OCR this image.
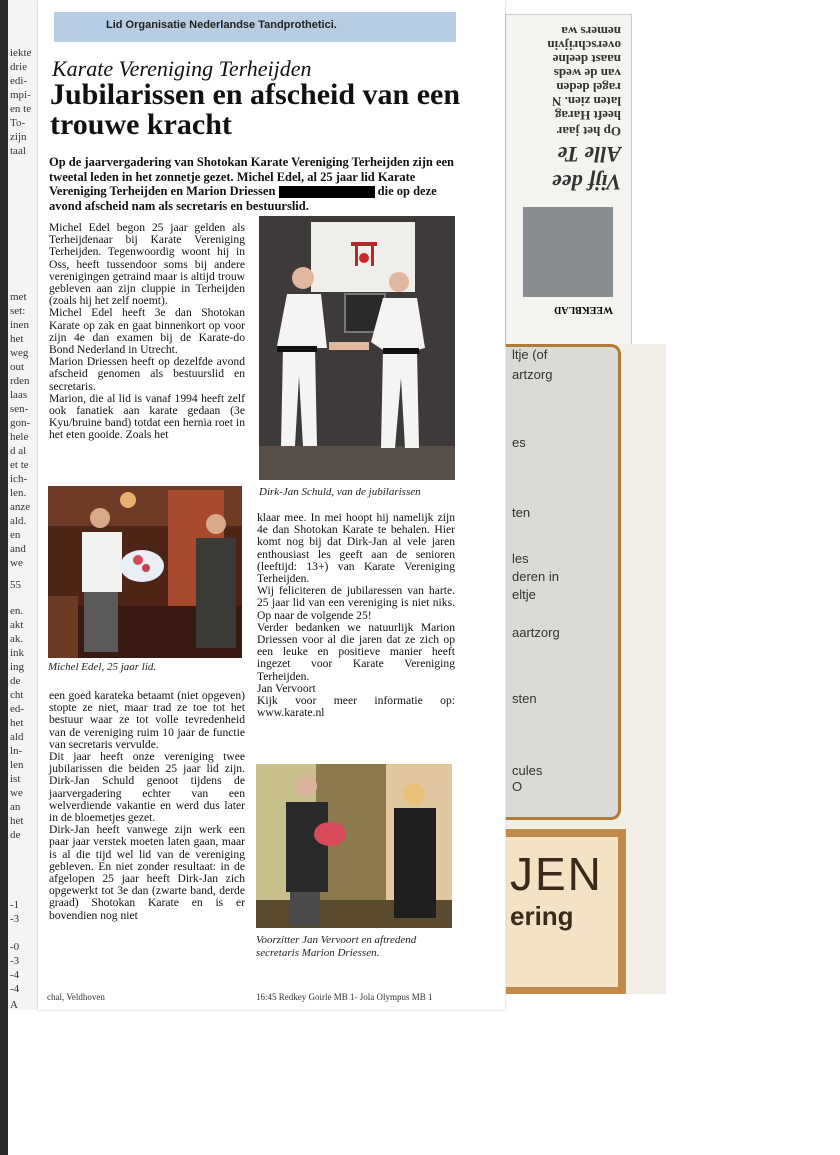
nemers wa
overschrijvin
naast deelne
van de weds
ragel deden
laten zien. N
heeft Harag
Op het jaar
Alle Te
Vijf dee
WEEKBLAD
ltje (of
artzorg
es
ten
les
deren in
eltje
aartzorg
sten
cules
O
JEN
ering
iekte
drie
edi-
mpi-
en te
To-
zijn
taal
met
set:
inen
het
weg
out
rden
laas
sen-
gon-
hele
d al
et te
ich-
len.
anze
ald.
en
and
we
55
en.
akt
ak.
ink
ing
de
cht
ed-
het
ald
ln-
len
ist
we
an
het
de
-1
-3
-0
-3
-4
-4
A
Lid Organisatie Nederlandse Tandprothetici.
Karate Vereniging Terheijden
Jubilarissen en afscheid van een trouwe kracht
Op de jaarvergadering van Shotokan Karate Vereniging Terheijden zijn een tweetal leden in het zonnetje gezet. Michel Edel, al 25 jaar lid Karate Vereniging Terheijden en Marion Driessen	die op deze avond afscheid nam als secretaris en bestuurslid.

Michel Edel begon 25 jaar gelden als Terheijdenaar bij Karate Vereniging Terheijden. Tegenwoordig woont hij in Oss, heeft tussendoor soms bij andere verenigingen getraind maar is altijd trouw gebleven aan zijn cluppie in Terheijden (zoals hij het zelf noemt).

Michel Edel heeft 3e dan Shotokan Karate op zak en gaat binnenkort op voor zijn 4e dan examen bij de Karate-do Bond Nederland in Utrecht.

Marion Driessen heeft op dezelfde avond afscheid genomen als bestuurslid en secretaris.

Marion, die al lid is vanaf 1994 heeft zelf ook fanatiek aan karate gedaan (3e Kyu/bruine band) totdat een hernia roet in het eten gooide. Zoals het

Dirk-Jan Schuld, van de jubilarissen
Michel Edel, 25 jaar lid.

een goed karateka betaamt (niet opgeven) stopte ze niet, maar trad ze toe tot het bestuur waar ze tot volle tevredenheid van de vereniging ruim 10 jaar de functie van secretaris vervulde.

Dit jaar heeft onze vereniging twee jubilarissen die beiden 25 jaar lid zijn. Dirk-Jan Schuld genoot tijdens de jaarvergadering echter van een welverdiende vakantie en werd dus later in de bloemetjes gezet.

Dirk-Jan heeft vanwege zijn werk een paar jaar verstek moeten laten gaan, maar is al die tijd wel lid van de vereniging gebleven. En niet zonder resultaat: in de afgelopen 25 jaar heeft Dirk-Jan zich opgewerkt tot 3e dan (zwarte band, derde graad) Shotokan Karate en is er bovendien nog niet

klaar mee. In mei hoopt hij namelijk zijn 4e dan Shotokan Karate te behalen. Hier komt nog bij dat Dirk-Jan al vele jaren enthousiast les geeft aan de senioren (leeftijd: 13+) van Karate Vereniging Terheijden.

Wij feliciteren de jubilaressen van harte. 25 jaar lid van een vereniging is niet niks. Op naar de volgende 25!

Verder bedanken we natuurlijk Marion Driessen voor al die jaren dat ze zich op een leuke en positieve manier heeft ingezet voor Karate Vereniging Terheijden.

Jan Vervoort

Kijk voor meer informatie op: www.karate.nl

Voorzitter Jan Vervoort en aftredend secretaris Marion Driessen.
chal, Veldhoven	16:45 Redkey Goirle MB 1- Jola Olympus MB 1
